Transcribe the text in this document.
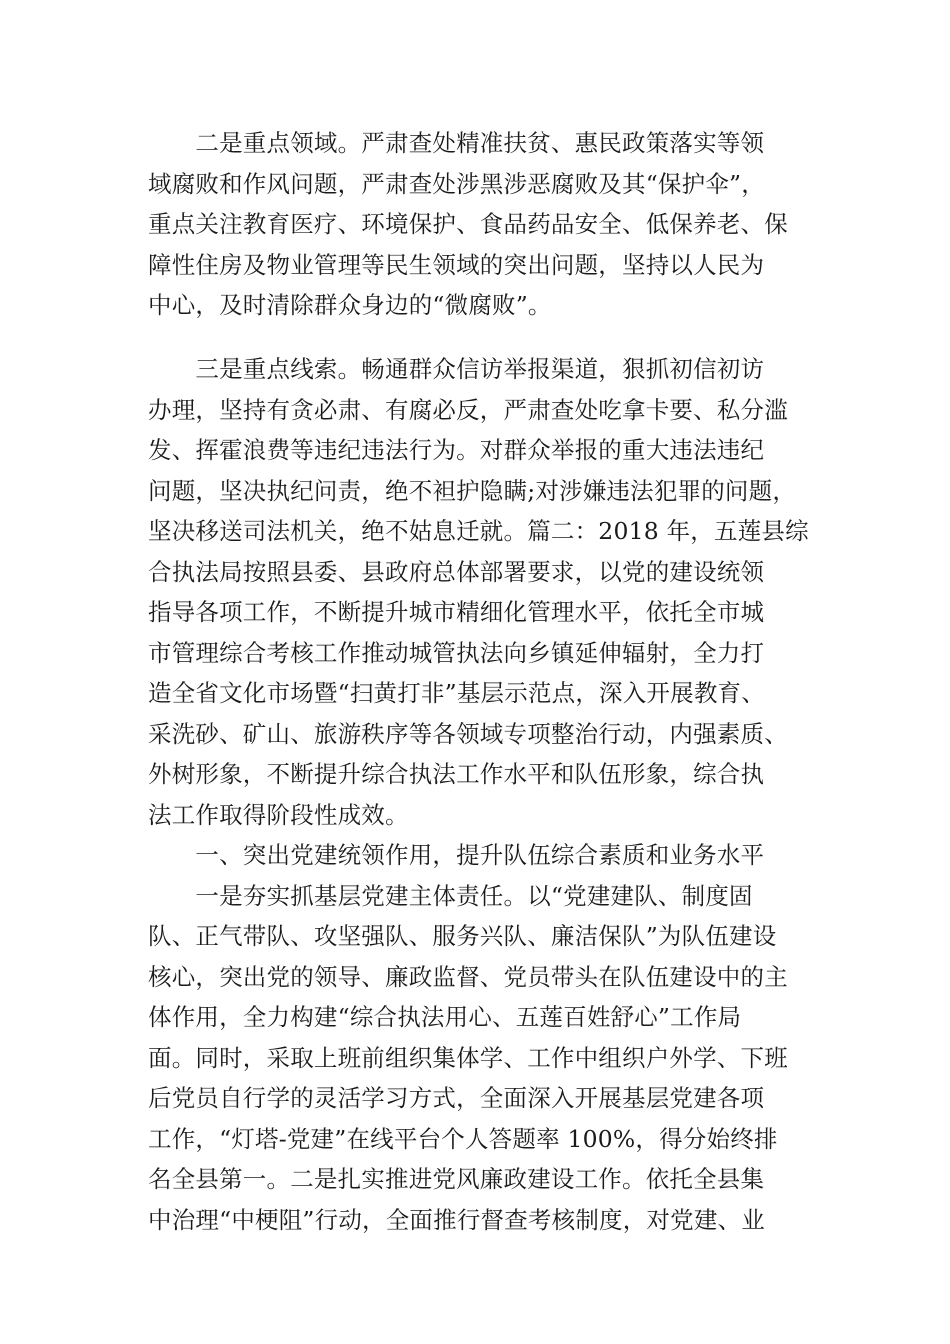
　　二是重点领域。严肃查处精准扶贫、惠民政策落实等领
域腐败和作风问题，严肃查处涉黑涉恶腐败及其“保护伞”，
重点关注教育医疗、环境保护、食品药品安全、低保养老、保
障性住房及物业管理等民生领域的突出问题，坚持以人民为
中心，及时清除群众身边的“微腐败”。
　　三是重点线索。畅通群众信访举报渠道，狠抓初信初访
办理，坚持有贪必肃、有腐必反，严肃查处吃拿卡要、私分滥
发、挥霍浪费等违纪违法行为。对群众举报的重大违法违纪
问题，坚决执纪问责，绝不袒护隐瞒;对涉嫌违法犯罪的问题，
坚决移送司法机关，绝不姑息迁就。篇二：2018 年，五莲县综
合执法局按照县委、县政府总体部署要求，以党的建设统领
指导各项工作，不断提升城市精细化管理水平，依托全市城
市管理综合考核工作推动城管执法向乡镇延伸辐射，全力打
造全省文化市场暨“扫黄打非”基层示范点，深入开展教育、
采洗砂、矿山、旅游秩序等各领域专项整治行动，内强素质、
外树形象，不断提升综合执法工作水平和队伍形象，综合执
法工作取得阶段性成效。
　　一、突出党建统领作用，提升队伍综合素质和业务水平
　　一是夯实抓基层党建主体责任。以“党建建队、制度固
队、正气带队、攻坚强队、服务兴队、廉洁保队”为队伍建设
核心，突出党的领导、廉政监督、党员带头在队伍建设中的主
体作用，全力构建“综合执法用心、五莲百姓舒心”工作局
面。同时，采取上班前组织集体学、工作中组织户外学、下班
后党员自行学的灵活学习方式，全面深入开展基层党建各项
工作，“灯塔-党建”在线平台个人答题率 100%，得分始终排
名全县第一。二是扎实推进党风廉政建设工作。依托全县集
中治理“中梗阻”行动，全面推行督查考核制度，对党建、业
